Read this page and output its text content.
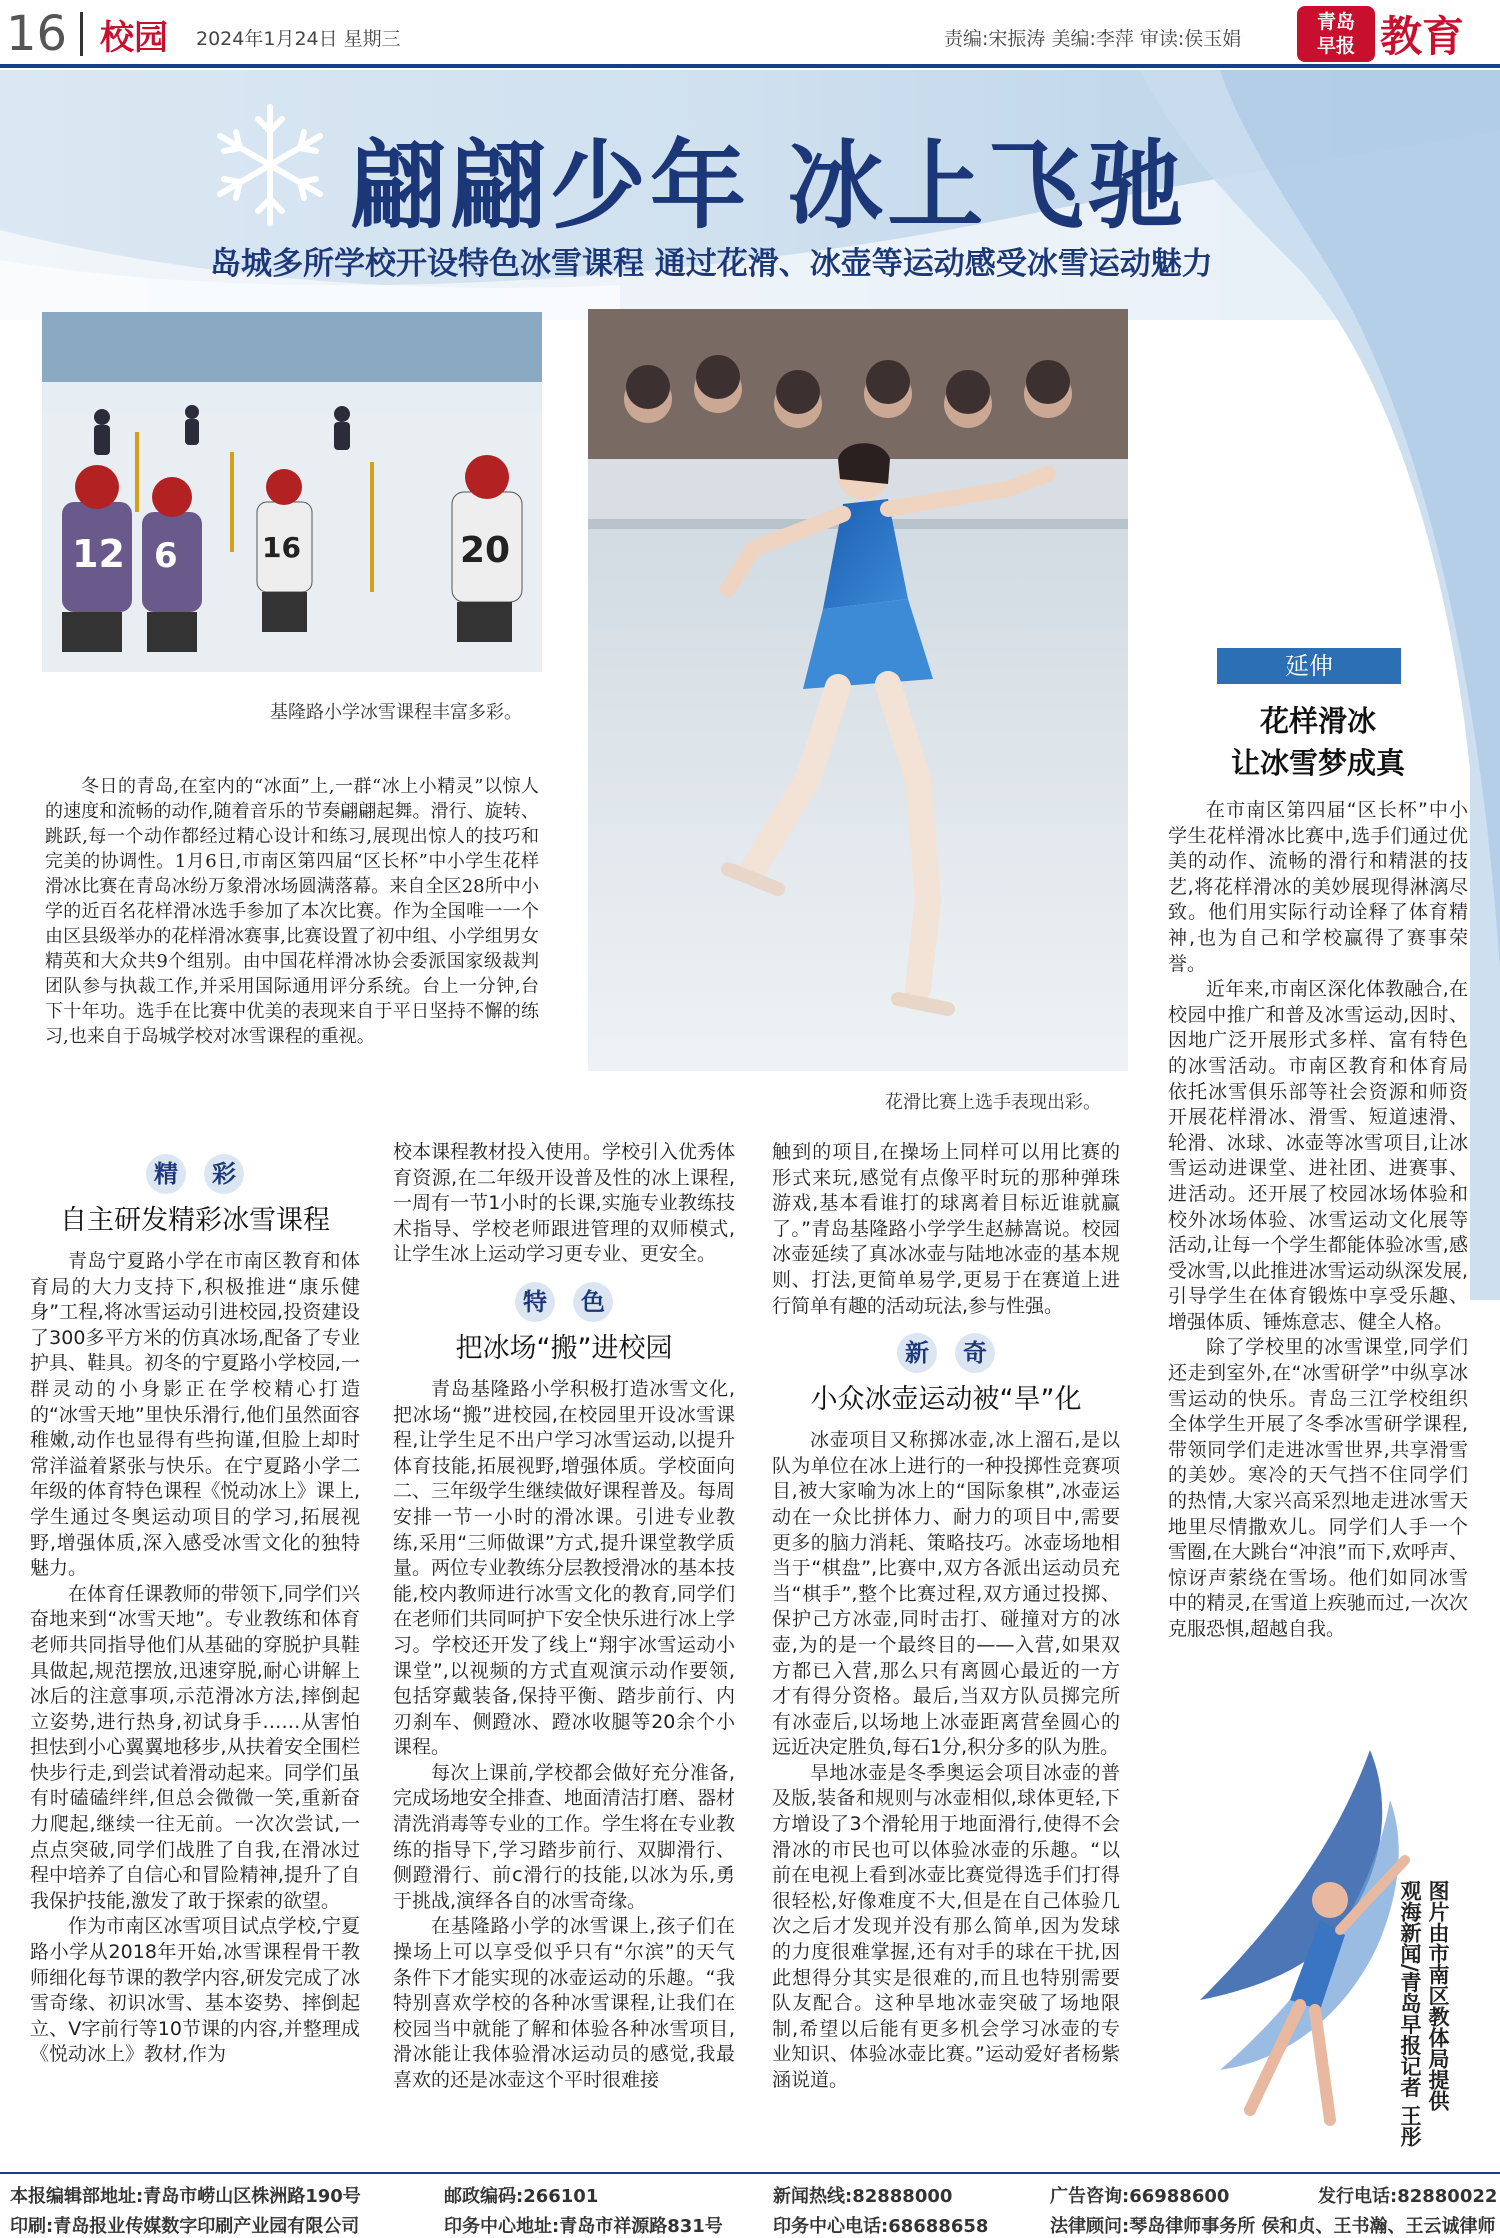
16 校园 2024年1月24日 星期三	责编:宋振涛 美编:李萍 审读:侯玉娟
青岛
早报 教育
翩翩少年 冰上飞驰
岛城多所学校开设特色冰雪课程 通过花滑、冰壶等运动感受冰雪运动魅力
12 6	16	20
基隆路小学冰雪课程丰富多彩。
花滑比赛上选手表现出彩。

冬日的青岛,在室内的“冰面”上,一群“冰上小精灵”以惊人的速度和流畅的动作,随着音乐的节奏翩翩起舞。滑行、旋转、跳跃,每一个动作都经过精心设计和练习,展现出惊人的技巧和完美的协调性。1月6日,市南区第四届“区长杯”中小学生花样滑冰比赛在青岛冰纷万象滑冰场圆满落幕。来自全区28所中小学的近百名花样滑冰选手参加了本次比赛。作为全国唯一一个由区县级举办的花样滑冰赛事,比赛设置了初中组、小学组男女精英和大众共9个组别。由中国花样滑冰协会委派国家级裁判团队参与执裁工作,并采用国际通用评分系统。台上一分钟,台下十年功。选手在比赛中优美的表现来自于平日坚持不懈的练习,也来自于岛城学校对冰雪课程的重视。

精	彩
自主研发精彩冰雪课程

青岛宁夏路小学在市南区教育和体育局的大力支持下,积极推进“康乐健身”工程,将冰雪运动引进校园,投资建设了300多平方米的仿真冰场,配备了专业护具、鞋具。初冬的宁夏路小学校园,一群灵动的小身影正在学校精心打造的“冰雪天地”里快乐滑行,他们虽然面容稚嫩,动作也显得有些拘谨,但脸上却时常洋溢着紧张与快乐。在宁夏路小学二年级的体育特色课程《悦动冰上》课上,学生通过冬奥运动项目的学习,拓展视野,增强体质,深入感受冰雪文化的独特魅力。

在体育任课教师的带领下,同学们兴奋地来到“冰雪天地”。专业教练和体育老师共同指导他们从基础的穿脱护具鞋具做起,规范摆放,迅速穿脱,耐心讲解上冰后的注意事项,示范滑冰方法,摔倒起立姿势,进行热身,初试身手……从害怕担怯到小心翼翼地移步,从扶着安全围栏快步行走,到尝试着滑动起来。同学们虽有时磕磕绊绊,但总会微微一笑,重新奋力爬起,继续一往无前。一次次尝试,一点点突破,同学们战胜了自我,在滑冰过程中培养了自信心和冒险精神,提升了自我保护技能,激发了敢于探索的欲望。

作为市南区冰雪项目试点学校,宁夏路小学从2018年开始,冰雪课程骨干教师细化每节课的教学内容,研发完成了冰雪奇缘、初识冰雪、基本姿势、摔倒起立、V字前行等10节课的内容,并整理成《悦动冰上》教材,作为

校本课程教材投入使用。学校引入优秀体育资源,在二年级开设普及性的冰上课程,一周有一节1小时的长课,实施专业教练技术指导、学校老师跟进管理的双师模式,让学生冰上运动学习更专业、更安全。

特	色
把冰场“搬”进校园

青岛基隆路小学积极打造冰雪文化,把冰场“搬”进校园,在校园里开设冰雪课程,让学生足不出户学习冰雪运动,以提升体育技能,拓展视野,增强体质。学校面向二、三年级学生继续做好课程普及。每周安排一节一小时的滑冰课。引进专业教练,采用“三师做课”方式,提升课堂教学质量。两位专业教练分层教授滑冰的基本技能,校内教师进行冰雪文化的教育,同学们在老师们共同呵护下安全快乐进行冰上学习。学校还开发了线上“翔宇冰雪运动小课堂”,以视频的方式直观演示动作要领,包括穿戴装备,保持平衡、踏步前行、内刃刹车、侧蹬冰、蹬冰收腿等20余个小课程。

每次上课前,学校都会做好充分准备,完成场地安全排查、地面清洁打磨、器材清洗消毒等专业的工作。学生将在专业教练的指导下,学习踏步前行、双脚滑行、侧蹬滑行、前c滑行的技能,以冰为乐,勇于挑战,演绎各自的冰雪奇缘。

在基隆路小学的冰雪课上,孩子们在操场上可以享受似乎只有“尔滨”的天气条件下才能实现的冰壶运动的乐趣。“我特别喜欢学校的各种冰雪课程,让我们在校园当中就能了解和体验各种冰雪项目,滑冰能让我体验滑冰运动员的感觉,我最喜欢的还是冰壶这个平时很难接

触到的项目,在操场上同样可以用比赛的形式来玩,感觉有点像平时玩的那种弹珠游戏,基本看谁打的球离着目标近谁就赢了。”青岛基隆路小学学生赵赫嵩说。校园冰壶延续了真冰冰壶与陆地冰壶的基本规则、打法,更简单易学,更易于在赛道上进行简单有趣的活动玩法,参与性强。

新	奇
小众冰壶运动被“旱”化

冰壶项目又称掷冰壶,冰上溜石,是以队为单位在冰上进行的一种投掷性竞赛项目,被大家喻为冰上的“国际象棋”,冰壶运动在一众比拼体力、耐力的项目中,需要更多的脑力消耗、策略技巧。冰壶场地相当于“棋盘”,比赛中,双方各派出运动员充当“棋手”,整个比赛过程,双方通过投掷、保护己方冰壶,同时击打、碰撞对方的冰壶,为的是一个最终目的——入营,如果双方都已入营,那么只有离圆心最近的一方才有得分资格。最后,当双方队员掷完所有冰壶后,以场地上冰壶距离营垒圆心的远近决定胜负,每石1分,积分多的队为胜。

旱地冰壶是冬季奥运会项目冰壶的普及版,装备和规则与冰壶相似,球体更轻,下方增设了3个滑轮用于地面滑行,使得不会滑冰的市民也可以体验冰壶的乐趣。“以前在电视上看到冰壶比赛觉得选手们打得很轻松,好像难度不大,但是在自己体验几次之后才发现并没有那么简单,因为发球的力度很难掌握,还有对手的球在干扰,因此想得分其实是很难的,而且也特别需要队友配合。这种旱地冰壶突破了场地限制,希望以后能有更多机会学习冰壶的专业知识、体验冰壶比赛。”运动爱好者杨紫涵说道。

延伸
花样滑冰
让冰雪梦成真

在市南区第四届“区长杯”中小学生花样滑冰比赛中,选手们通过优美的动作、流畅的滑行和精湛的技艺,将花样滑冰的美妙展现得淋漓尽致。他们用实际行动诠释了体育精神,也为自己和学校赢得了赛事荣誉。

近年来,市南区深化体教融合,在校园中推广和普及冰雪运动,因时、因地广泛开展形式多样、富有特色的冰雪活动。市南区教育和体育局依托冰雪俱乐部等社会资源和师资开展花样滑冰、滑雪、短道速滑、轮滑、冰球、冰壶等冰雪项目,让冰雪运动进课堂、进社团、进赛事、进活动。还开展了校园冰场体验和校外冰场体验、冰雪运动文化展等活动,让每一个学生都能体验冰雪,感受冰雪,以此推进冰雪运动纵深发展,引导学生在体育锻炼中享受乐趣、增强体质、锤炼意志、健全人格。

除了学校里的冰雪课堂,同学们还走到室外,在“冰雪研学”中纵享冰雪运动的快乐。青岛三江学校组织全体学生开展了冬季冰雪研学课程,带领同学们走进冰雪世界,共享滑雪的美妙。寒冷的天气挡不住同学们的热情,大家兴高采烈地走进冰雪天地里尽情撒欢儿。同学们人手一个雪圈,在大跳台“冲浪”而下,欢呼声、惊讶声萦绕在雪场。他们如同冰雪中的精灵,在雪道上疾驰而过,一次次克服恐惧,超越自我。

图片由市南区教体局提供
观海新闻/青岛早报记者 王彤
本报编辑部地址:青岛市崂山区株洲路190号	邮政编码:266101	新闻热线:82888000	广告咨询:66988600	发行电话:82880022
印刷:青岛报业传媒数字印刷产业园有限公司	印务中心地址:青岛市祥源路831号	印务中心电话:68688658	法律顾问:琴岛律师事务所 侯和贞、王书瀚、王云诚律师
